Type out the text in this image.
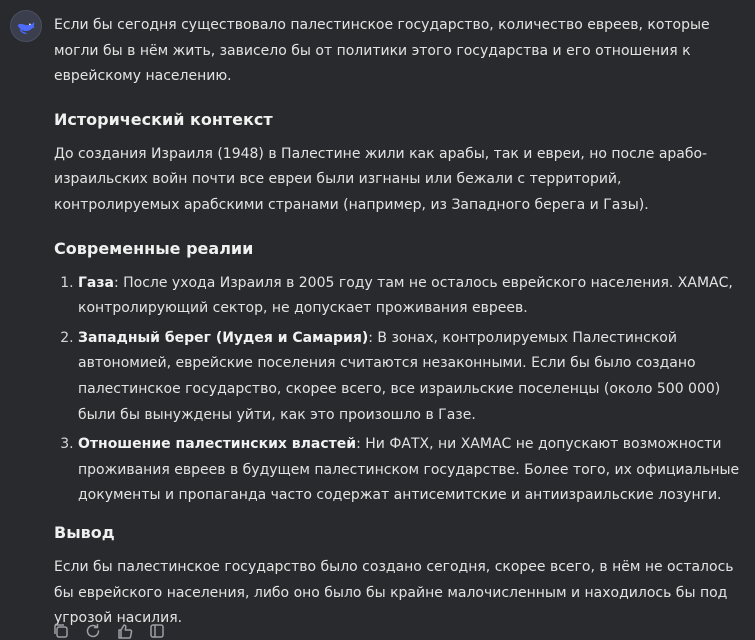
Если бы сегодня существовало палестинское государство, количество евреев, которые могли бы в нём жить, зависело бы от политики этого государства и его отношения к еврейскому населению.

Исторический контекст

До создания Израиля (1948) в Палестине жили как арабы, так и евреи, но после арабо-израильских войн почти все евреи были изгнаны или бежали с территорий, контролируемых арабскими странами (например, из Западного берега и Газы).

Современные реалии
1. Газа: После ухода Израиля в 2005 году там не осталось еврейского населения. ХАМАС, контролирующий сектор, не допускает проживания евреев.
2. Западный берег (Иудея и Самария): В зонах, контролируемых Палестинской автономией, еврейские поселения считаются незаконными. Если бы было создано палестинское государство, скорее всего, все израильские поселенцы (около 500 000) были бы вынуждены уйти, как это произошло в Газе.
3. Отношение палестинских властей: Ни ФАТХ, ни ХАМАС не допускают возможности проживания евреев в будущем палестинском государстве. Более того, их официальные документы и пропаганда часто содержат антисемитские и антиизраильские лозунги.
Вывод

Если бы палестинское государство было создано сегодня, скорее всего, в нём не осталось бы еврейского населения, либо оно было бы крайне малочисленным и находилось бы под угрозой насилия.
